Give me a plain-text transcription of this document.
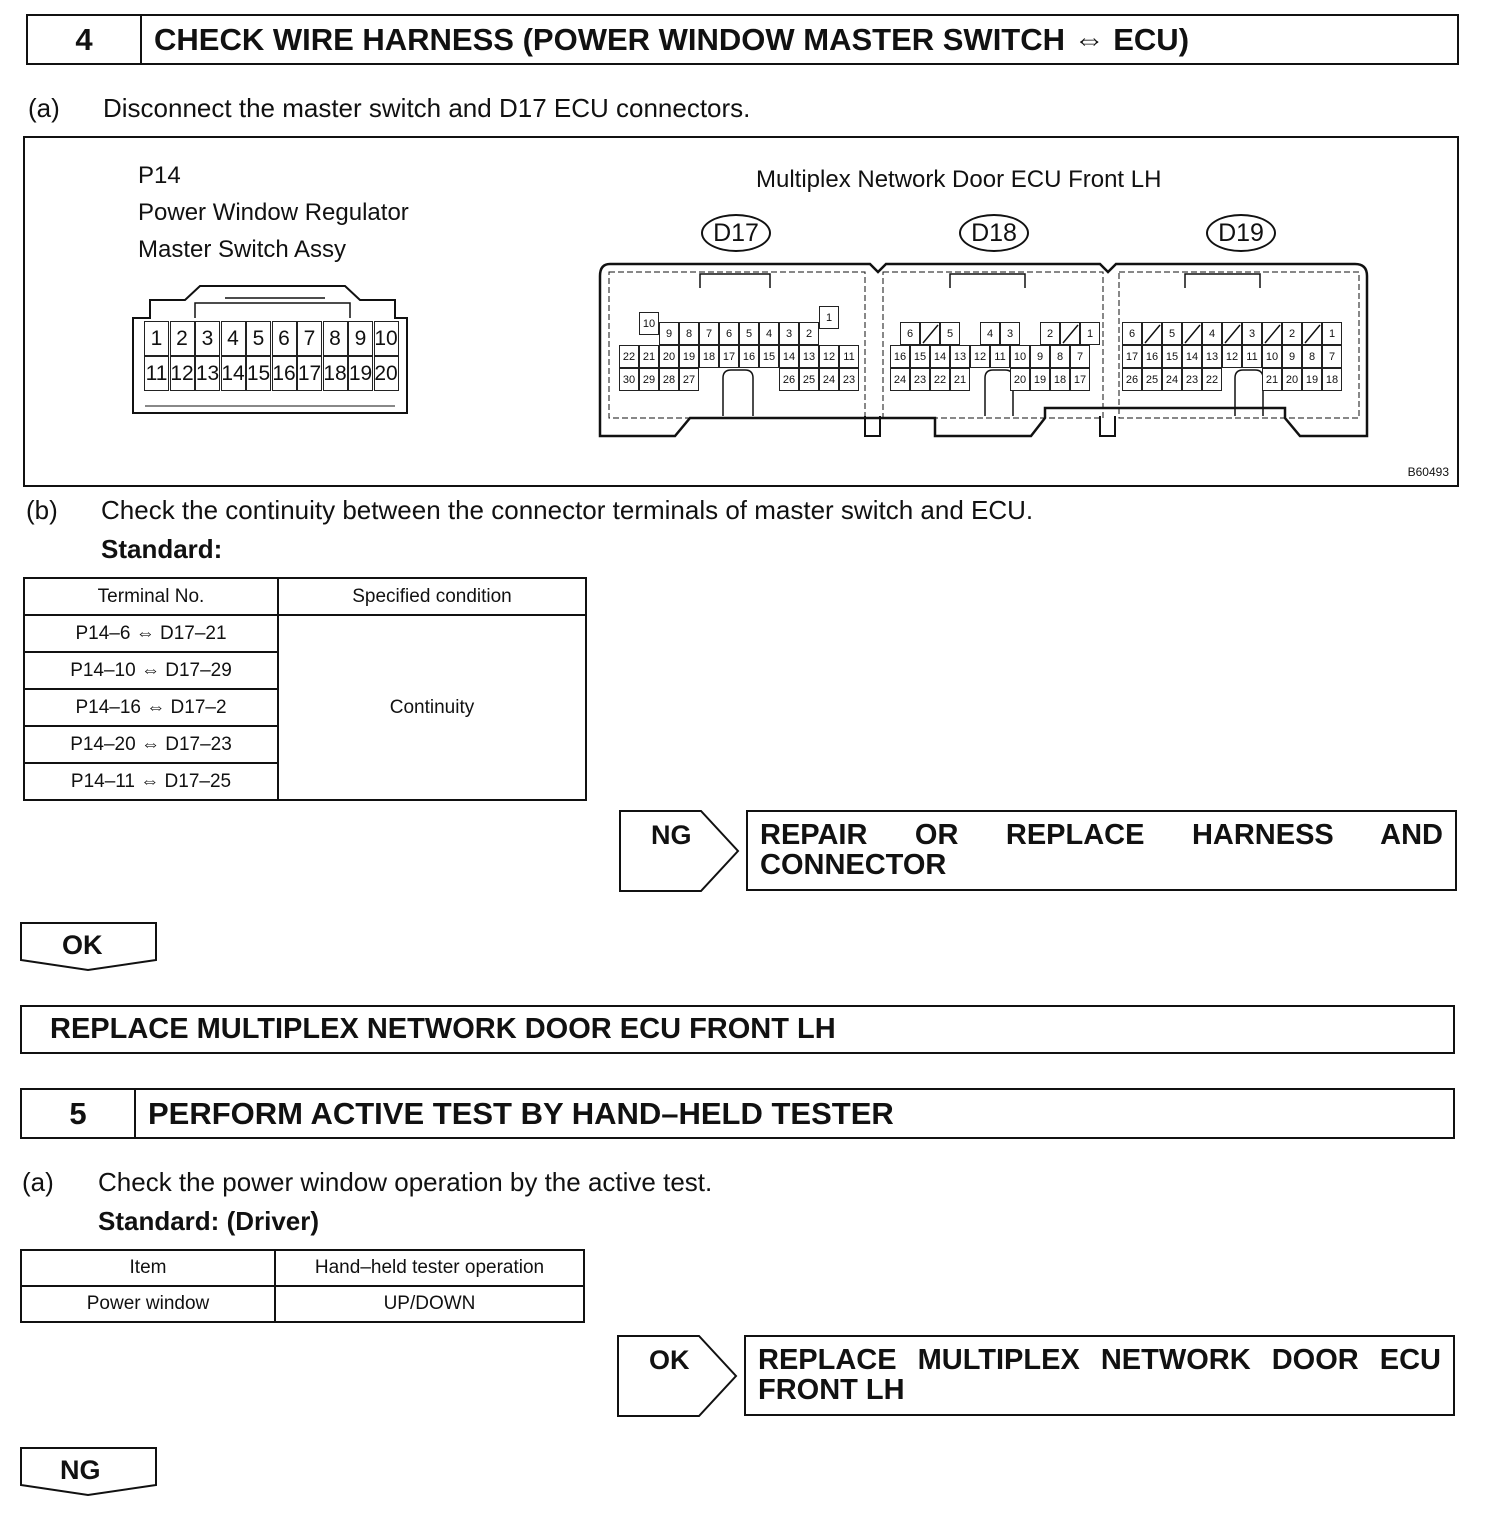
4	CHECK WIRE HARNESS (POWER WINDOW MASTER SWITCH ⇔ ECU)
(a) Disconnect the master switch and D17 ECU connectors.
P14
Power Window Regulator
Master Switch Assy
1 2 3 4 5 6 7 8 9 10
11 12 13 14 15 16 17 18 19 20
Multiplex Network Door ECU Front LH
D17	D18	D19
10
9	8	7	6	5	4	3	2
1
22 21 20 19 18 17 16 15 14 13 12 11
30 29 28 27	26 25 24 23
6	5	4	3	2	1
16 15 14 13 12 11 10 9	8	7
24 23 22 21	20 19 18 17
6	5	4	3	2	1
17 16 15 14 13 12 11 10 9	8	7
26 25 24 23 22	21 20 19 18
B60493
(b) Check the continuity between the connector terminals of master switch and ECU.
Standard:
Terminal No.	Specified condition
P14–6 ⇔ D17–21	Continuity
P14–10 ⇔ D17–29	
P14–16 ⇔ D17–2	
P14–20 ⇔ D17–23	
P14–11 ⇔ D17–25	
NG	REPAIR OR REPLACE HARNESS AND CONNECTOR
OK
REPLACE MULTIPLEX NETWORK DOOR ECU FRONT LH
5	PERFORM ACTIVE TEST BY HAND–HELD TESTER
(a) Check the power window operation by the active test.
Standard: (Driver)
Item	Hand–held tester operation
Power window	UP/DOWN
OK	REPLACE MULTIPLEX NETWORK DOOR ECU FRONT LH
NG
